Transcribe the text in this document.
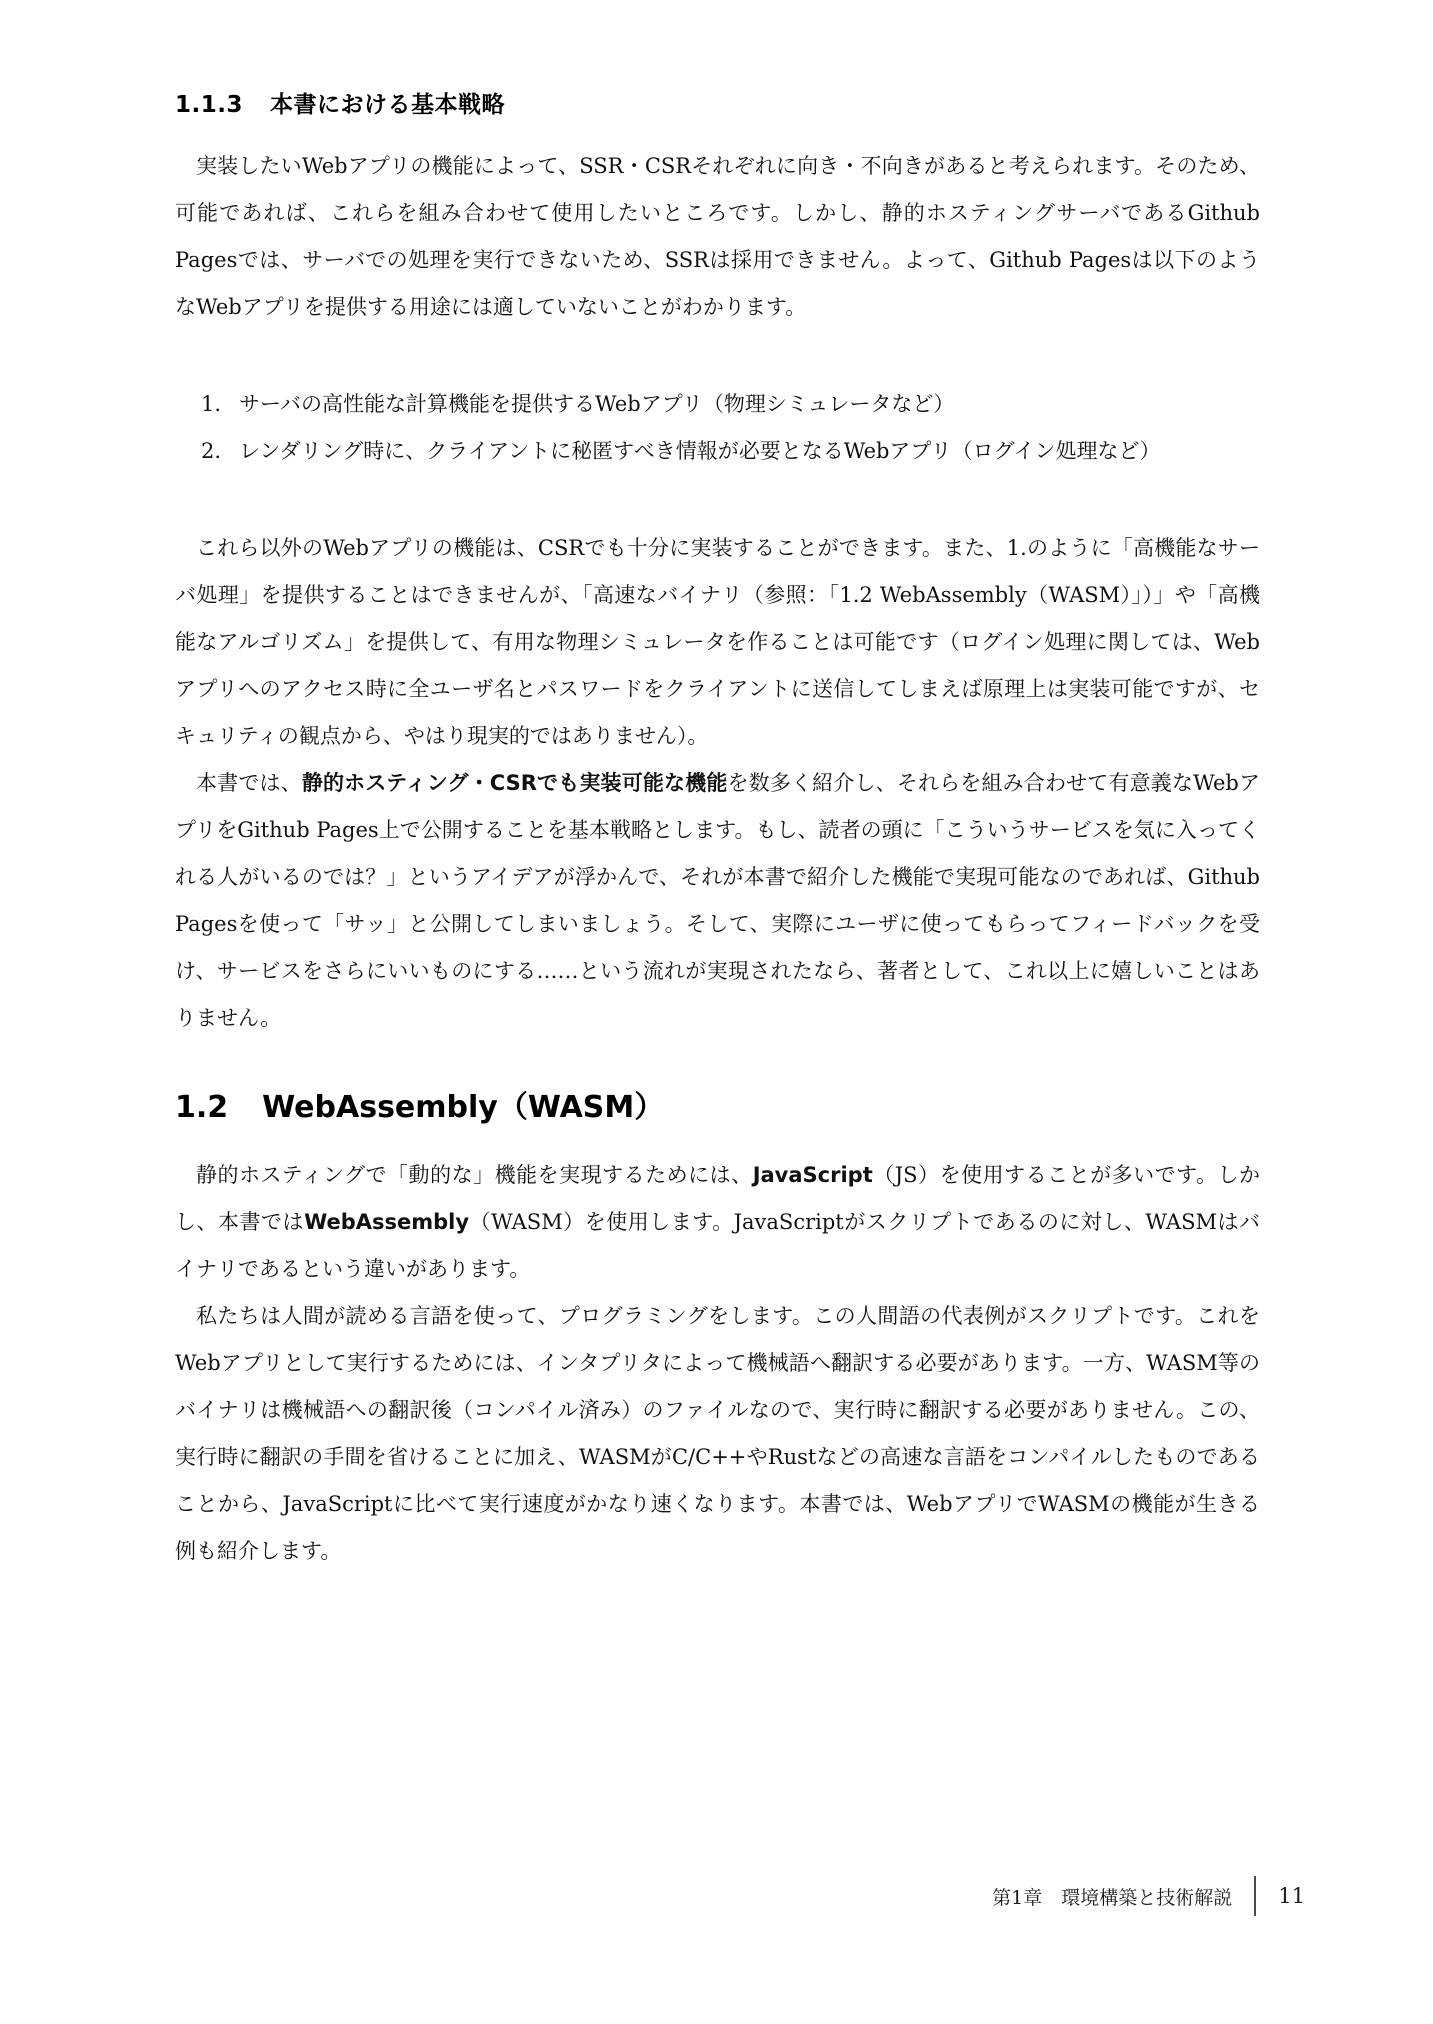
1.1.3 本書における基本戦略

実装したいWebアプリの機能によって、SSR・CSRそれぞれに向き・不向きがあると考えられます。そのため、可能であれば、これらを組み合わせて使用したいところです。しかし、静的ホスティングサーバであるGithub Pagesでは、サーバでの処理を実行できないため、SSRは採用できません。よって、Github Pagesは以下のようなWebアプリを提供する用途には適していないことがわかります。

1. サーバの高性能な計算機能を提供するWebアプリ（物理シミュレータなど）
2. レンダリング時に、クライアントに秘匿すべき情報が必要となるWebアプリ（ログイン処理など）

これら以外のWebアプリの機能は、CSRでも十分に実装することができます。また、1.のように「高機能なサーバ処理」を提供することはできませんが、「高速なバイナリ（参照：「1.2 WebAssembly（WASM）」）」や「高機能なアルゴリズム」を提供して、有用な物理シミュレータを作ることは可能です（ログイン処理に関しては、Webアプリへのアクセス時に全ユーザ名とパスワードをクライアントに送信してしまえば原理上は実装可能ですが、セキュリティの観点から、やはり現実的ではありません）。

本書では、静的ホスティング・CSRでも実装可能な機能を数多く紹介し、それらを組み合わせて有意義なWebアプリをGithub Pages上で公開することを基本戦略とします。もし、読者の頭に「こういうサービスを気に入ってくれる人がいるのでは？」というアイデアが浮かんで、それが本書で紹介した機能で実現可能なのであれば、Github Pagesを使って「サッ」と公開してしまいましょう。そして、実際にユーザに使ってもらってフィードバックを受け、サービスをさらにいいものにする……という流れが実現されたなら、著者として、これ以上に嬉しいことはありません。

1.2 WebAssembly（WASM）

静的ホスティングで「動的な」機能を実現するためには、JavaScript（JS）を使用することが多いです。しかし、本書ではWebAssembly（WASM）を使用します。JavaScriptがスクリプトであるのに対し、WASMはバイナリであるという違いがあります。

私たちは人間が読める言語を使って、プログラミングをします。この人間語の代表例がスクリプトです。これをWebアプリとして実行するためには、インタプリタによって機械語へ翻訳する必要があります。一方、WASM等のバイナリは機械語への翻訳後（コンパイル済み）のファイルなので、実行時に翻訳する必要がありません。この、実行時に翻訳の手間を省けることに加え、WASMがC/C++やRustなどの高速な言語をコンパイルしたものであることから、JavaScriptに比べて実行速度がかなり速くなります。本書では、WebアプリでWASMの機能が生きる例も紹介します。

第1章　環境構築と技術解説 11
